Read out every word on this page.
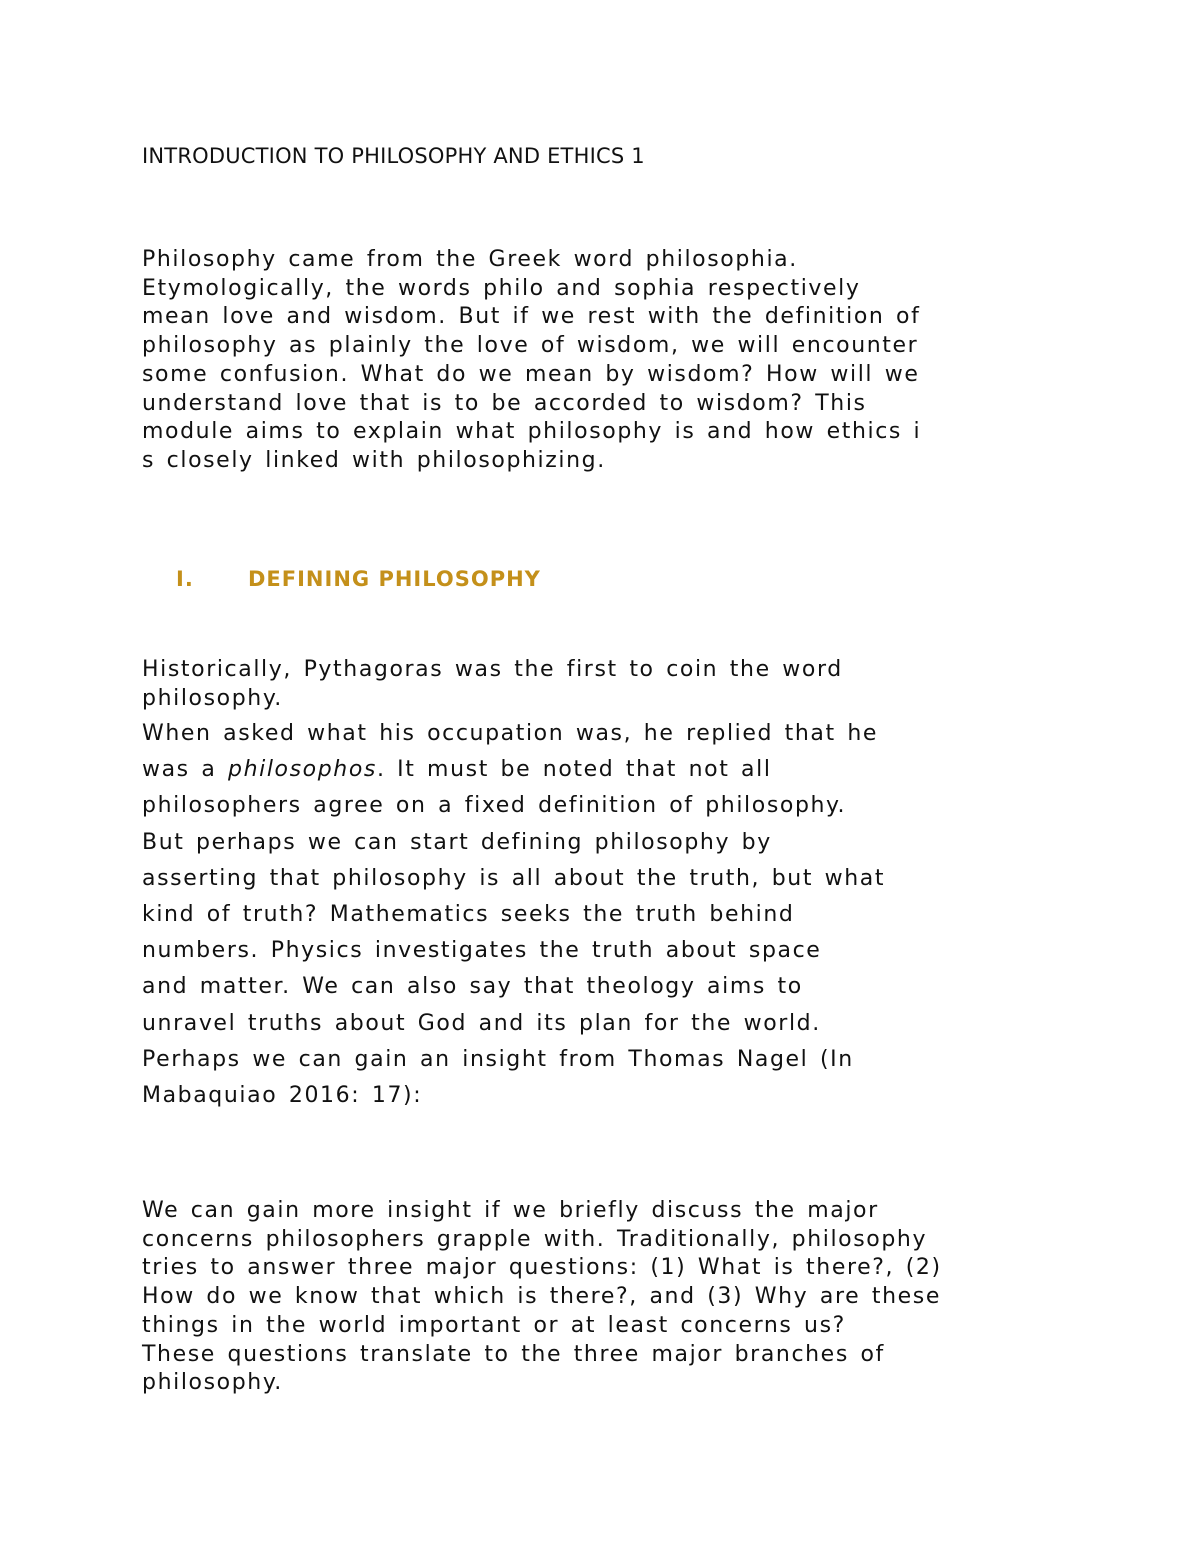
INTRODUCTION TO PHILOSOPHY AND ETHICS 1

Philosophy came from the Greek word philosophia.
Etymologically, the words philo and sophia respectively
mean love and wisdom. But if we rest with the definition of
philosophy as plainly the love of wisdom, we will encounter
some confusion. What do we mean by wisdom? How will we
understand love that is to be accorded to wisdom? This
module aims to explain what philosophy is and how ethics i
s closely linked with philosophizing.

I.	DEFINING PHILOSOPHY

Historically, Pythagoras was the first to coin the word
philosophy.

When asked what his occupation was, he replied that he
was a philosophos. It must be noted that not all
philosophers agree on a fixed definition of philosophy.
But perhaps we can start defining philosophy by
asserting that philosophy is all about the truth, but what
kind of truth? Mathematics seeks the truth behind
numbers. Physics investigates the truth about space
and matter. We can also say that theology aims to
unravel truths about God and its plan for the world.
Perhaps we can gain an insight from Thomas Nagel (In
Mabaquiao 2016: 17):

We can gain more insight if we briefly discuss the major
concerns philosophers grapple with. Traditionally, philosophy
tries to answer three major questions: (1) What is there?, (2)
How do we know that which is there?, and (3) Why are these
things in the world important or at least concerns us?
These questions translate to the three major branches of
philosophy.
